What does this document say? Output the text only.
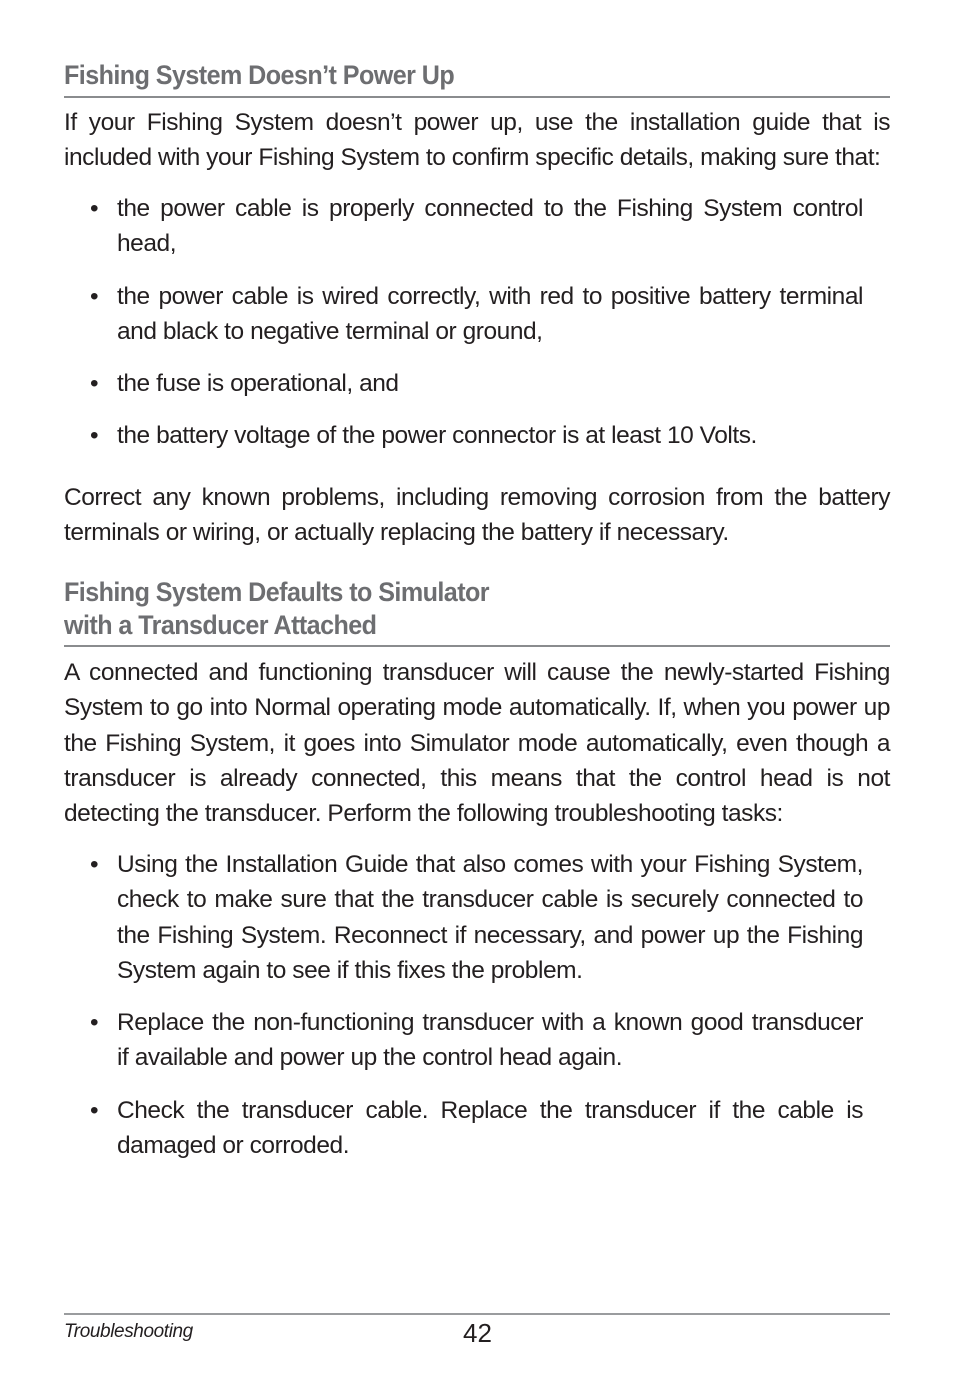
Fishing System Doesn’t Power Up

If your Fishing System doesn’t power up, use the installation guide that is included with your Fishing System to confirm specific details, making sure that:

• the power cable is properly connected to the Fishing System control head,
• the power cable is wired correctly, with red to positive battery terminal and black to negative terminal or ground,
• the fuse is operational, and
• the battery voltage of the power connector is at least 10 Volts.

Correct any known problems, including removing corrosion from the battery terminals or wiring, or actually replacing the battery if necessary.

Fishing System Defaults to Simulator
with a Transducer Attached

A connected and functioning transducer will cause the newly-started Fishing System to go into Normal operating mode automatically. If, when you power up the Fishing System, it goes into Simulator mode automatically, even though a transducer is already connected, this means that the control head is not detecting the transducer. Perform the following troubleshooting tasks:

• Using the Installation Guide that also comes with your Fishing System, check to make sure that the transducer cable is securely connected to the Fishing System. Reconnect if necessary, and power up the Fishing System again to see if this fixes the problem.
• Replace the non-functioning transducer with a known good transducer if available and power up the control head again.
• Check the transducer cable. Replace the transducer if the cable is damaged or corroded.
Troubleshooting	42
